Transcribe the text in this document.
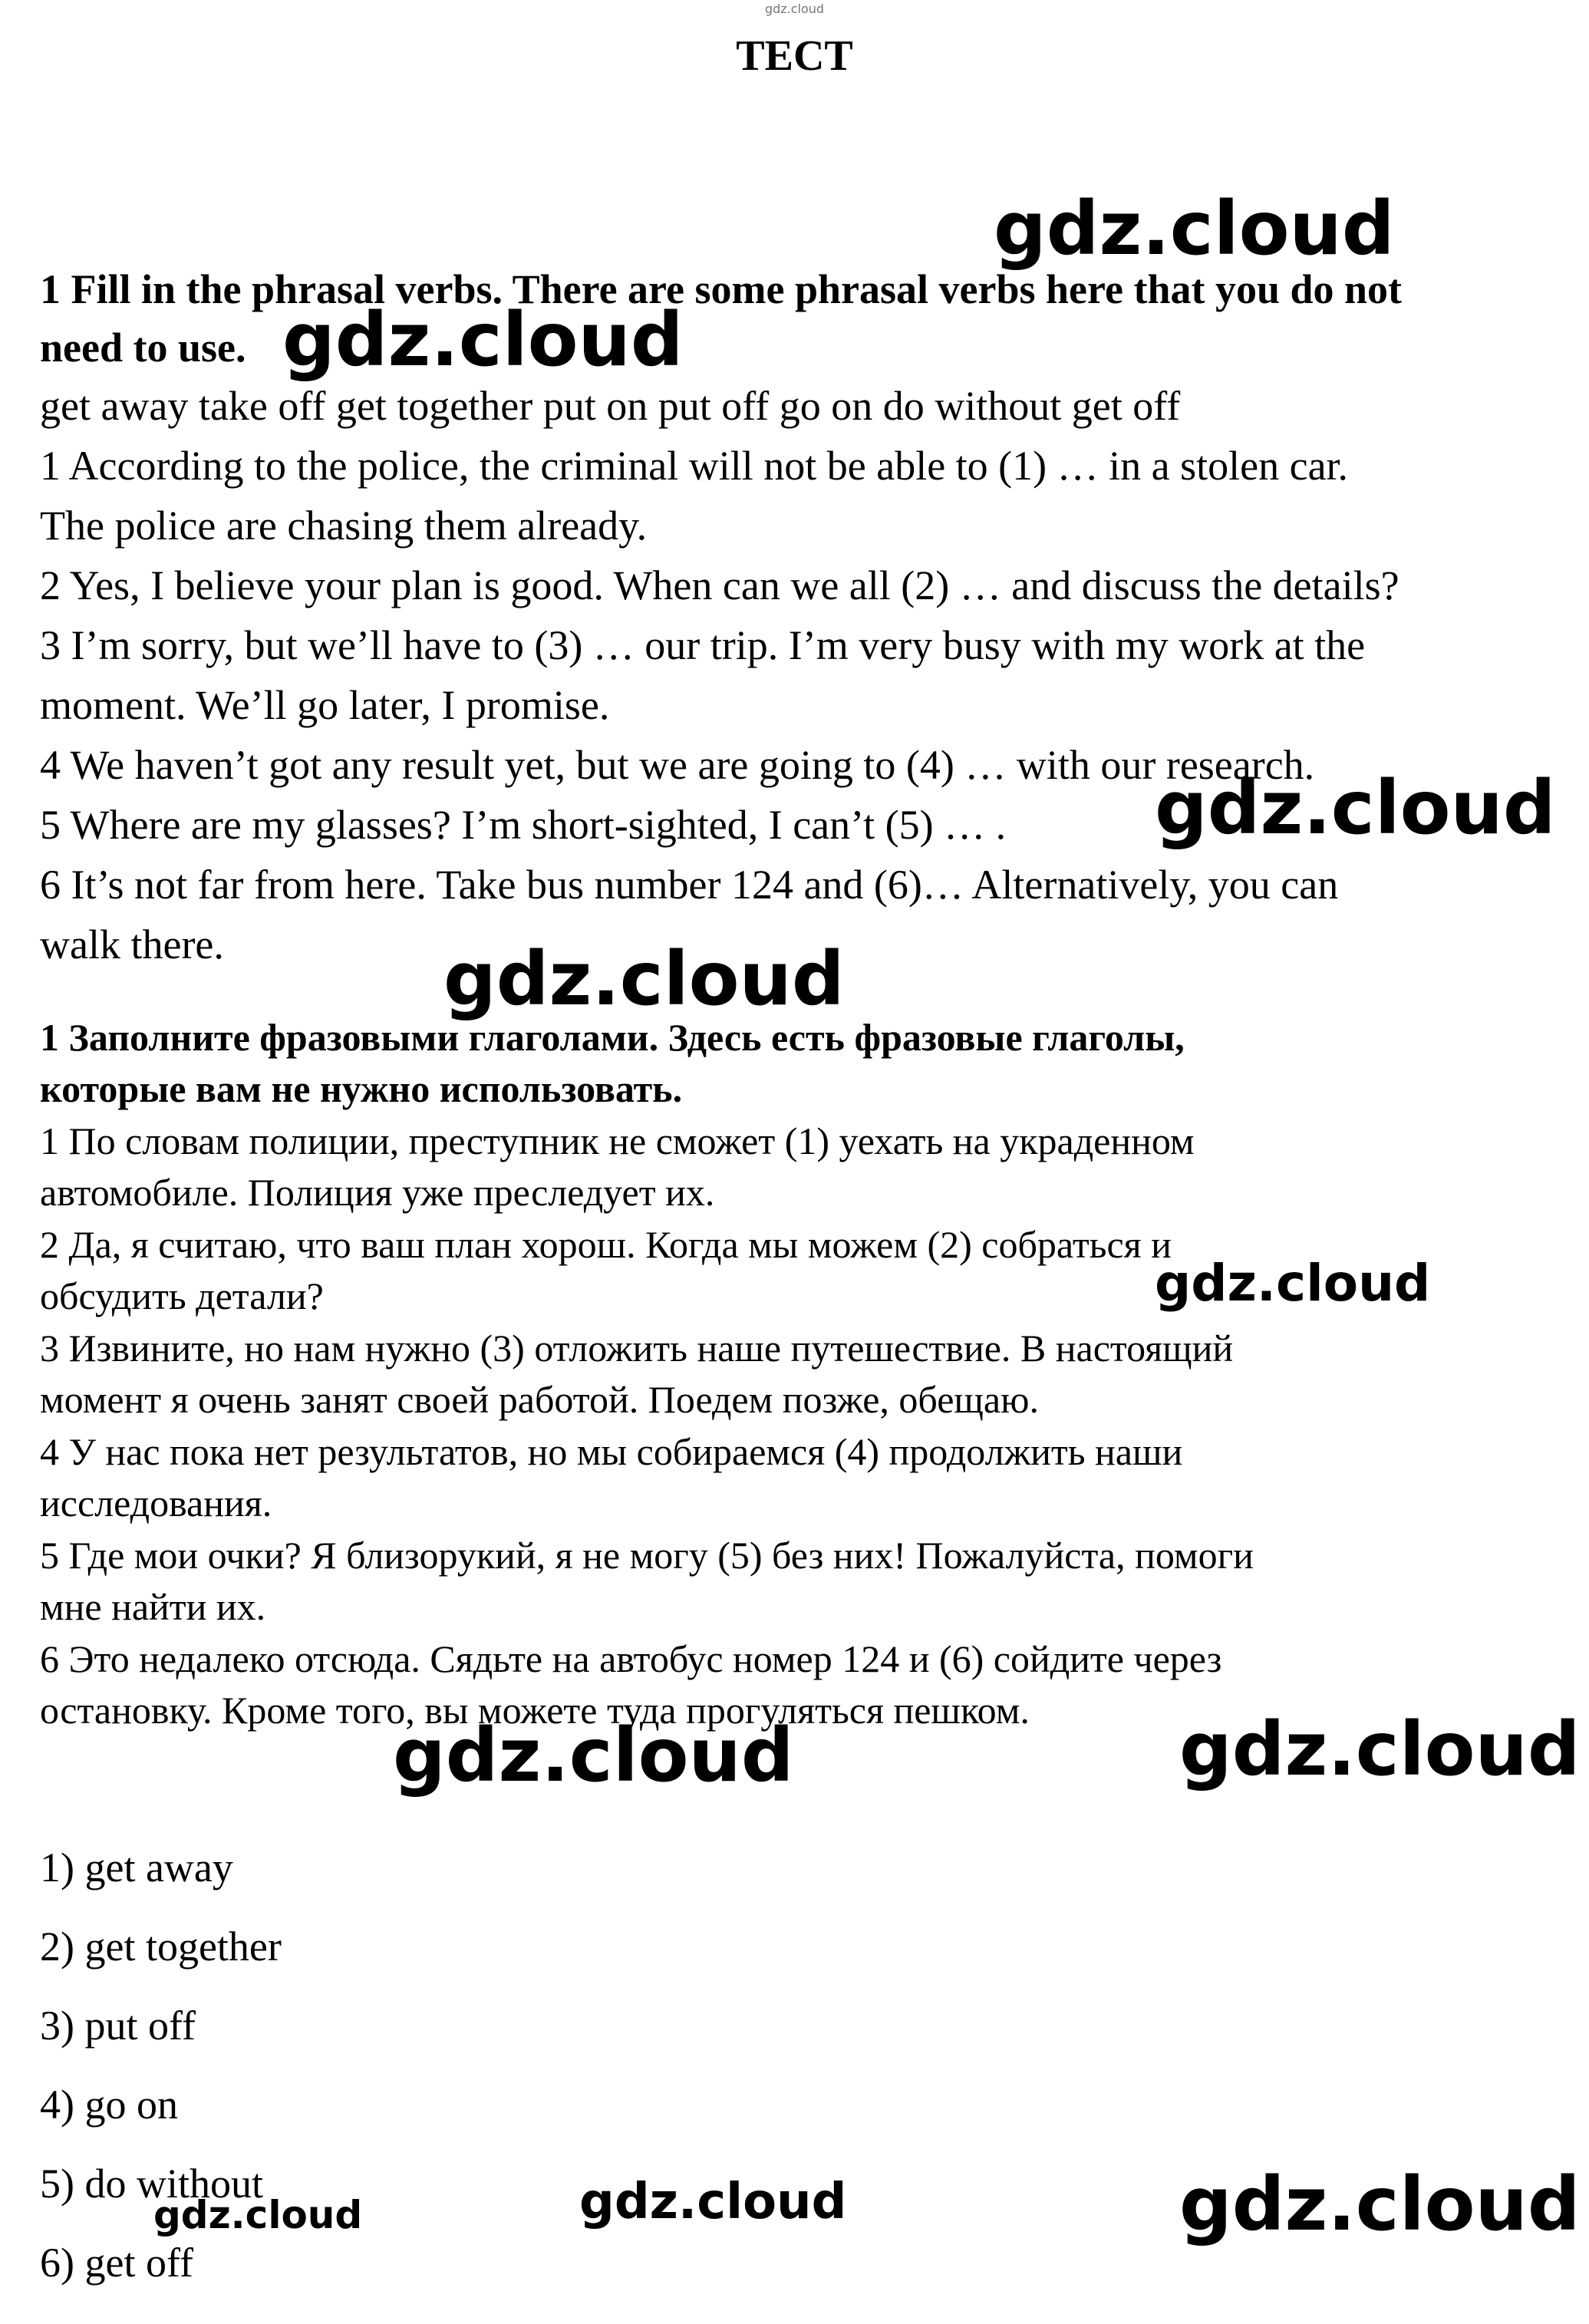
gdz.cloud
ТЕСТ
1 Fill in the phrasal verbs. There are some phrasal verbs here that you do not
need to use.
get away take off get together put on put off go on do without get off
1 According to the police, the criminal will not be able to (1) … in a stolen car.
The police are chasing them already.
2 Yes, I believe your plan is good. When can we all (2) … and discuss the details?
3 I’m sorry, but we’ll have to (3) … our trip. I’m very busy with my work at the
moment. We’ll go later, I promise.
4 We haven’t got any result yet, but we are going to (4) … with our research.
5 Where are my glasses? I’m short-sighted, I can’t (5) … .
6 It’s not far from here. Take bus number 124 and (6)… Alternatively, you can
walk there.
1 Заполните фразовыми глаголами. Здесь есть фразовые глаголы,
которые вам не нужно использовать.
1 По словам полиции, преступник не сможет (1) уехать на украденном
автомобиле. Полиция уже преследует их.
2 Да, я считаю, что ваш план хорош. Когда мы можем (2) собраться и
обсудить детали?
3 Извините, но нам нужно (3) отложить наше путешествие. В настоящий
момент я очень занят своей работой. Поедем позже, обещаю.
4 У нас пока нет результатов, но мы собираемся (4) продолжить наши
исследования.
5 Где мои очки? Я близорукий, я не могу (5) без них! Пожалуйста, помоги
мне найти их.
6 Это недалеко отсюда. Сядьте на автобус номер 124 и (6) сойдите через
остановку. Кроме того, вы можете туда прогуляться пешком.
1) get away
2) get together
3) put off
4) go on
5) do without
6) get off
gdz.cloud
gdz.cloud
gdz.cloud
gdz.cloud
gdz.cloud
gdz.cloud	gdz.cloud
gdz.cloud	gdz.cloud
gdz.cloud
